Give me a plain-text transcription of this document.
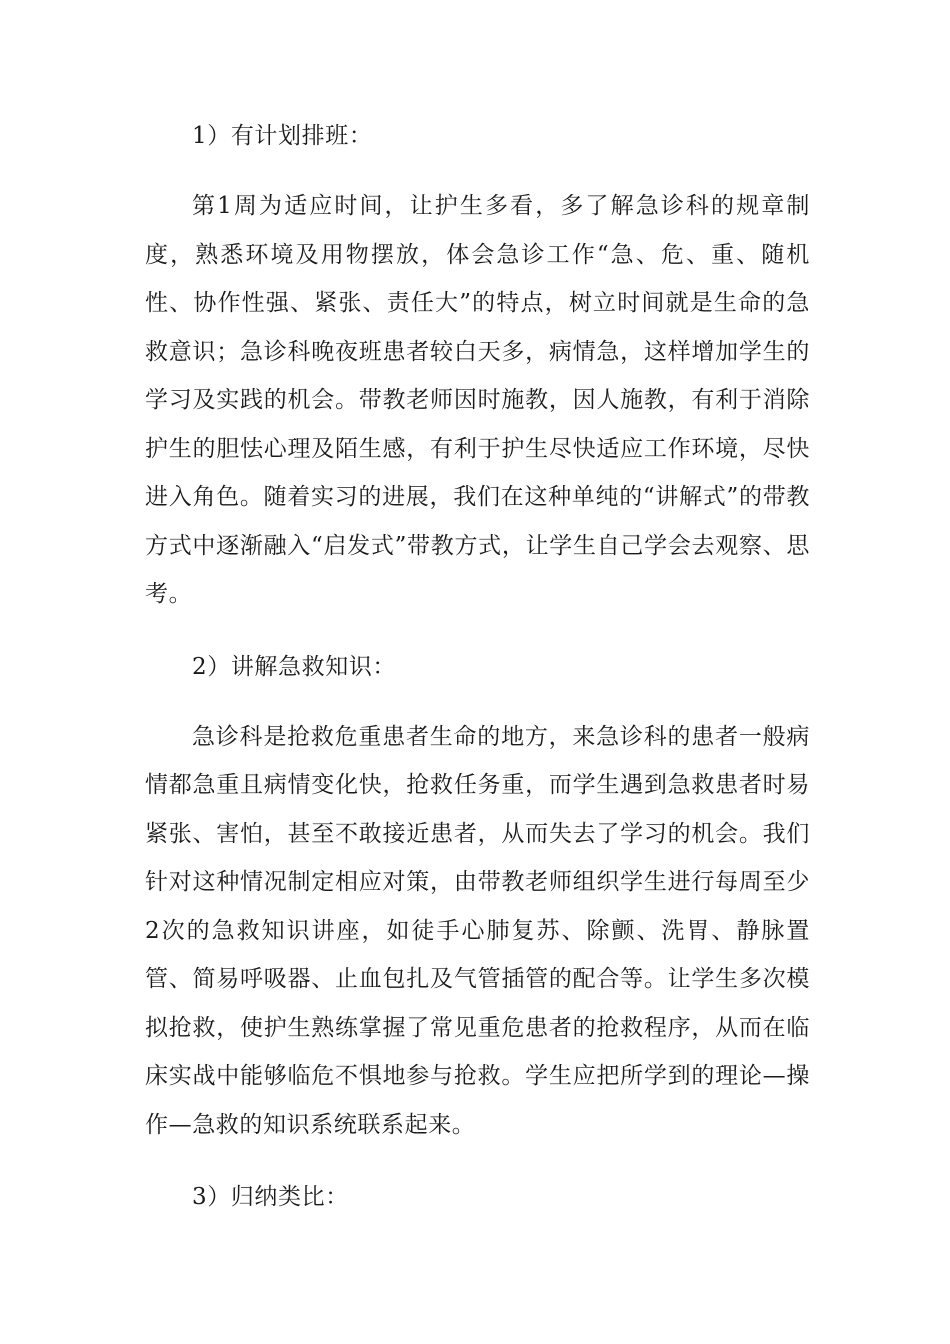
1）有计划排班：

第1周为适应时间，让护生多看，多了解急诊科的规章制度，熟悉环境及用物摆放，体会急诊工作“急、危、重、随机性、协作性强、紧张、责任大”的特点，树立时间就是生命的急救意识；急诊科晚夜班患者较白天多，病情急，这样增加学生的学习及实践的机会。带教老师因时施教，因人施教，有利于消除护生的胆怯心理及陌生感，有利于护生尽快适应工作环境，尽快进入角色。随着实习的进展，我们在这种单纯的“讲解式”的带教方式中逐渐融入“启发式”带教方式，让学生自己学会去观察、思考。

2）讲解急救知识：

急诊科是抢救危重患者生命的地方，来急诊科的患者一般病情都急重且病情变化快，抢救任务重，而学生遇到急救患者时易紧张、害怕，甚至不敢接近患者，从而失去了学习的机会。我们针对这种情况制定相应对策，由带教老师组织学生进行每周至少2次的急救知识讲座，如徒手心肺复苏、除颤、洗胃、静脉置管、简易呼吸器、止血包扎及气管插管的配合等。让学生多次模拟抢救，使护生熟练掌握了常见重危患者的抢救程序，从而在临床实战中能够临危不惧地参与抢救。学生应把所学到的理论—操作—急救的知识系统联系起来。

3）归纳类比：
